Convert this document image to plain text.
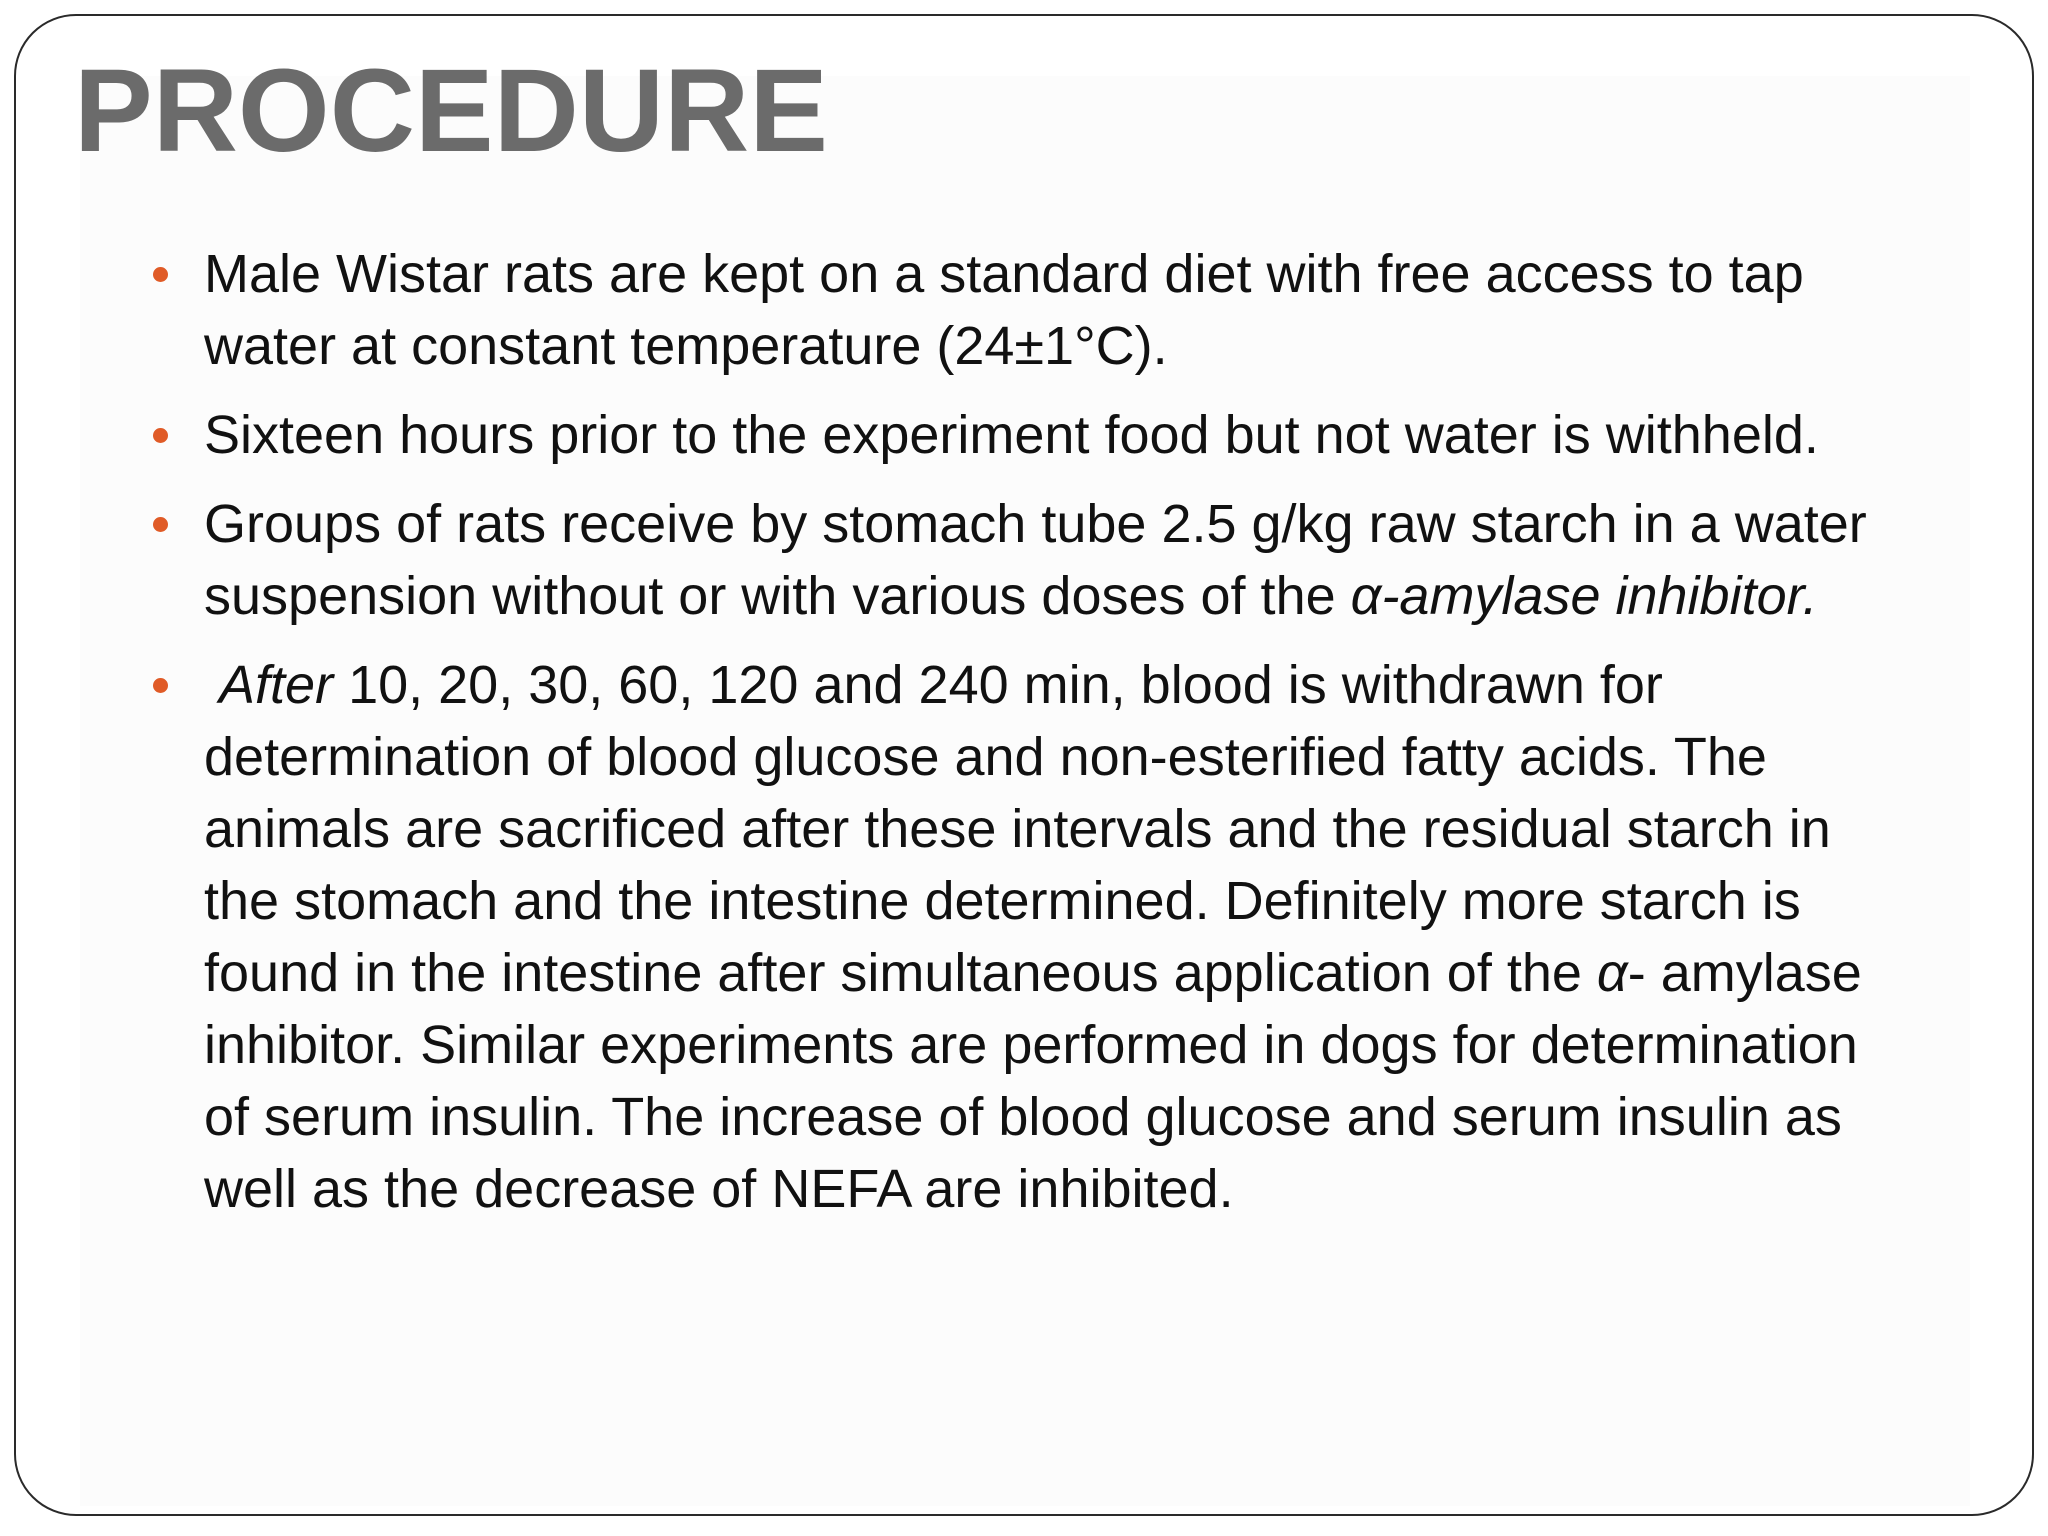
PROCEDURE
Male Wistar rats are kept on a standard diet with free access to tap water at constant temperature (24±1°C).
Sixteen hours prior to the experiment food but not water is withheld.
Groups of rats receive by stomach tube 2.5 g/kg raw starch in a water suspension without or with various doses of the α-amylase inhibitor.
After 10, 20, 30, 60, 120 and 240 min, blood is withdrawn for determination of blood glucose and non-esterified fatty acids. The animals are sacrificed after these intervals and the residual starch in the stomach and the intestine determined. Definitely more starch is found in the intestine after simultaneous application of the α- amylase inhibitor. Similar experiments are performed in dogs for determination of serum insulin. The increase of blood glucose and serum insulin as well as the decrease of NEFA are inhibited.
